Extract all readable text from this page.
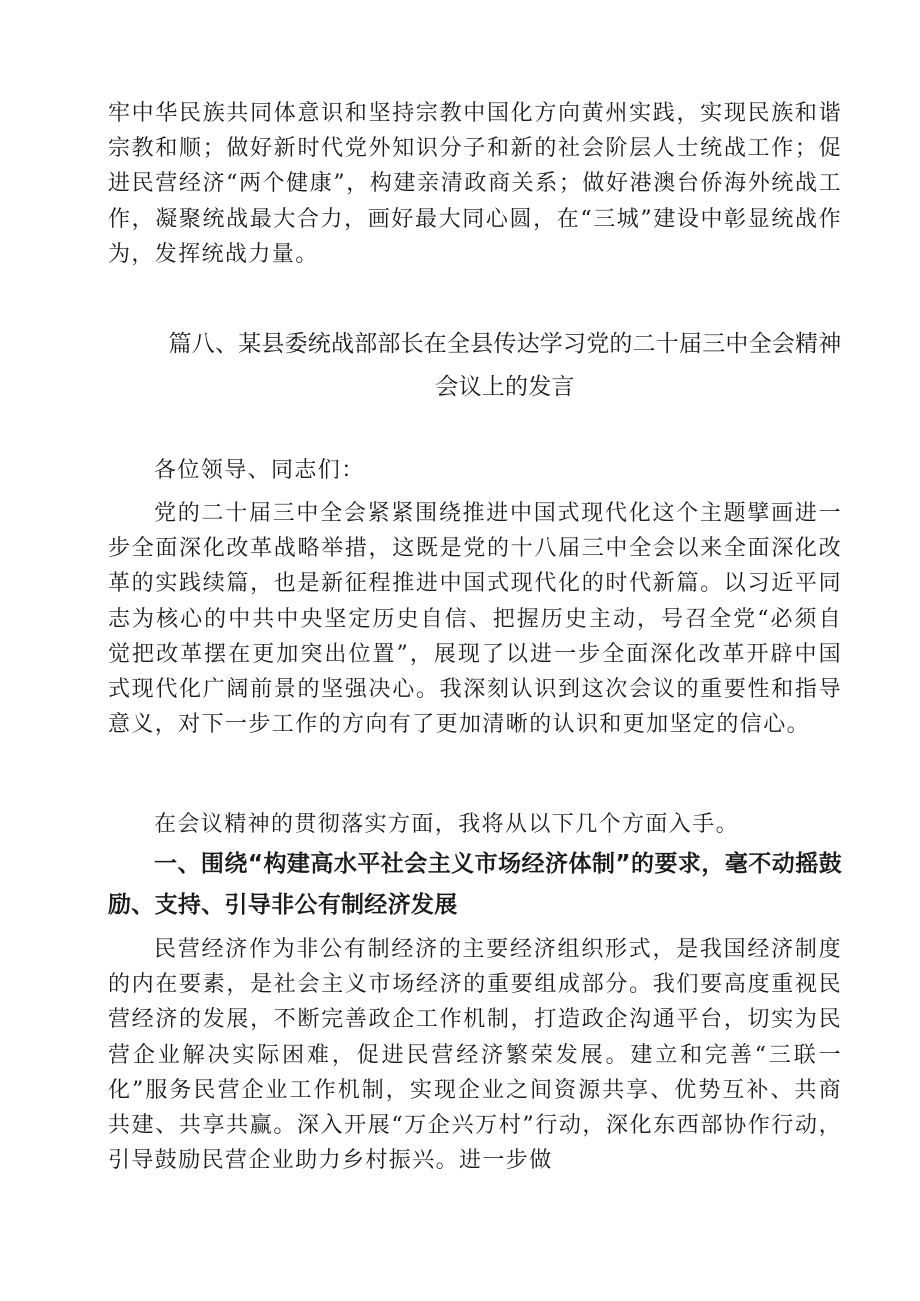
牢中华民族共同体意识和坚持宗教中国化方向黄州实践，实现民族和谐宗教和顺；做好新时代党外知识分子和新的社会阶层人士统战工作；促进民营经济“两个健康”，构建亲清政商关系；做好港澳台侨海外统战工作，凝聚统战最大合力，画好最大同心圆，在“三城”建设中彰显统战作为，发挥统战力量。

篇八、某县委统战部部长在全县传达学习党的二十届三中全会精神
会议上的发言

各位领导、同志们：

党的二十届三中全会紧紧围绕推进中国式现代化这个主题擘画进一步全面深化改革战略举措，这既是党的十八届三中全会以来全面深化改革的实践续篇，也是新征程推进中国式现代化的时代新篇。以习近平同志为核心的中共中央坚定历史自信、把握历史主动，号召全党“必须自觉把改革摆在更加突出位置”，展现了以进一步全面深化改革开辟中国式现代化广阔前景的坚强决心。我深刻认识到这次会议的重要性和指导意义，对下一步工作的方向有了更加清晰的认识和更加坚定的信心。

在会议精神的贯彻落实方面，我将从以下几个方面入手。

一、围绕“构建高水平社会主义市场经济体制”的要求，毫不动摇鼓励、支持、引导非公有制经济发展

民营经济作为非公有制经济的主要经济组织形式，是我国经济制度的内在要素，是社会主义市场经济的重要组成部分。我们要高度重视民营经济的发展，不断完善政企工作机制，打造政企沟通平台，切实为民营企业解决实际困难，促进民营经济繁荣发展。建立和完善“三联一化”服务民营企业工作机制，实现企业之间资源共享、优势互补、共商共建、共享共赢。深入开展“万企兴万村”行动，深化东西部协作行动，引导鼓励民营企业助力乡村振兴。进一步做
